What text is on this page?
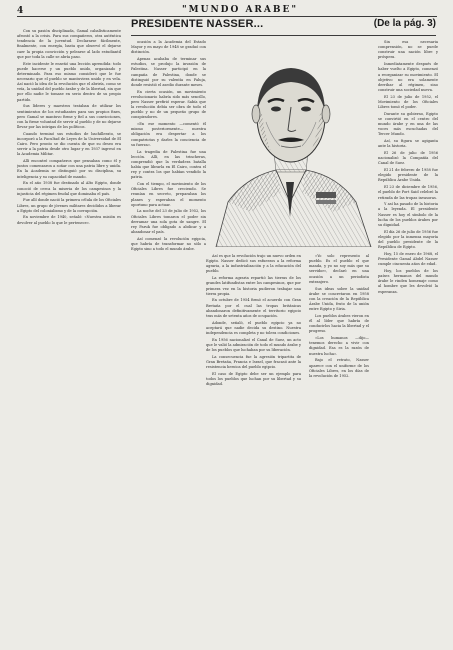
4	"MUNDO ARABE"
PRESIDENTE NASSER...	(De la pág. 3)

Con su pasión disciplinada, Gamal cabalísticamente afrontó a la crisis. Para sus compañeros, otra auténtica tendencia de la juventud. Declararse fácilmente, finalmente, con energía, basta que observó el dejarse caer la propia convicción y pelearse al lado estudiantil que por toda la calle se abría paso.

Este incidente le enseñó una lección aprendida: todo puede hacerse y un pueblo unido, organizado y determinado. Para eso mismo consideró que le fue necesario que el pueblo se mantuviera unido y en vela. Así nació la idea de la revolución que el abriría, como se veía, la unidad del pueblo árabe y de la libertad, sin que por ello nadie le tomase en serio dentro de su propio partido.

Sus líderes y maestros trataban de utilizar los sentimientos de los estudiantes para sus propios fines, pero Gamal se mantuvo firme y fiel a sus convicciones, con la firme voluntad de servir al pueblo y de no dejarse llevar por las intrigas de los políticos.

Cuando terminó sus estudios de bachillerato, se incorporó a la Facultad de Leyes de la Universidad de El Cairo. Pero pronto se dio cuenta de que su deseo era servir a la patria desde otro lugar y en 1937 ingresó en la Academia Militar.

Allí encontró compañeros que pensaban como él y juntos comenzaron a soñar con una patria libre y unida. En la Academia se distinguió por su disciplina, su inteligencia y su capacidad de mando.

En el año 1938 fue destinado al Alto Egipto, donde conoció de cerca la miseria de los campesinos y la injusticia del régimen feudal que dominaba el país.

Fue allí donde nació la primera célula de los Oficiales Libres, un grupo de jóvenes militares decididos a liberar a Egipto del colonialismo y de la corrupción.

En noviembre de 1940, señaló: «Nuestra misión es devolver al pueblo lo que le pertenece».

ocasión a la Academia del Estado Mayor y en mayo de 1948 se graduó con distinción.

Apenas acababa de terminar sus estudios, se produjo la invasión de Palestina. Nasser participó en la campaña de Palestina, donde se distinguió por su valentía en Faluja, donde resistió el asedio durante meses.

En cierta ocasión, un movimiento revolucionario habría sido más sencillo, pero Nasser prefirió esperar. Sabía que la revolución debía ser obra de todo el pueblo y no de un pequeño grupo de conspiradores.

«En ese momento —comentó él mismo posteriormente— nuestra obligación era despertar a los compatriotas y darles la conciencia de su fuerza».

La tragedia de Palestina fue una lección. Allí, en las trincheras, comprendió que la verdadera batalla había que librarla en El Cairo, contra el rey y contra los que habían vendido la patria.

Con el tiempo, el movimiento de los Oficiales Libres fue creciendo. Se reunían en secreto, preparaban los planes y esperaban el momento oportuno para actuar.

La noche del 23 de julio de 1952, los Oficiales Libres tomaron el poder sin derramar una sola gota de sangre. El rey Faruk fue obligado a abdicar y a abandonar el país.

Así comenzó la revolución egipcia, que habría de transformar no sólo a Egipto sino a todo el mundo árabe.

Así es que la revolución trajo un nuevo orden en Egipto. Nasser dedicó sus esfuerzos a la reforma agraria, a la industrialización y a la educación del pueblo.

La reforma agraria repartió las tierras de los grandes latifundistas entre los campesinos, que por primera vez en la historia pudieron trabajar una tierra propia.

En octubre de 1954 firmó el acuerdo con Gran Bretaña por el cual las tropas británicas abandonaron definitivamente el territorio egipcio tras más de setenta años de ocupación.

Adonde, señaló, el pueblo egipcio ya no aceptará que nadie decida su destino. Nuestra independencia es completa y no tolera condiciones.

En 1956 nacionalizó el Canal de Suez, un acto que le valió la admiración de todo el mundo árabe y de los pueblos que luchaban por su liberación.

La consecuencia fue la agresión tripartita de Gran Bretaña, Francia e Israel, que fracasó ante la resistencia heroica del pueblo egipcio.

El caso de Egipto debe ser un ejemplo para todos los pueblos que luchan por su libertad y su dignidad.

«Yo solo represento al pueblo. Es el pueblo el que manda, y yo no soy más que su servidor», declaró en una ocasión a un periodista extranjero.

Sus ideas sobre la unidad árabe se concretaron en 1958 con la creación de la República Árabe Unida, fruto de la unión entre Egipto y Siria.

Los pueblos árabes vieron en él al líder que habría de conducirlos hacia la libertad y el progreso.

«Los humanos —dijo— tenemos derecho a vivir con dignidad. Esa es la razón de nuestra lucha».

Bajo el retrato, Nasser aparece con el uniforme de los Oficiales Libres, en los días de la revolución de 1952.

Sin esa necesaria comprensión, no se puede construir una nación libre y próspera.

Inmediatamente después de haber vuelto a Egipto, comenzó a reorganizar su movimiento. El objetivo no era solamente derribar al régimen, sino construir una sociedad nueva.

El 23 de julio de 1952, el Movimiento de los Oficiales Libres tomó el poder.

Durante su gobierno, Egipto se convirtió en el centro del mundo árabe y en una de las voces más escuchadas del Tercer Mundo.

Así, su figura se agiganta ante la historia.

El 26 de julio de 1956 nacionalizó la Compañía del Canal de Suez.

El 21 de febrero de 1958 fue elegido presidente de la República Árabe Unida.

El 23 de diciembre de 1956, el pueblo de Port Said celebró la retirada de las tropas invasoras.

Y así ha pasado de la historia a la leyenda. El presidente Nasser es hoy el símbolo de la lucha de los pueblos árabes por su dignidad.

El día 26 de julio de 1956 fue elegido por la inmensa mayoría del pueblo presidente de la República de Egipto.

Hoy, 15 de enero de 1968, el Presidente Gamal Abdel Nasser cumple cincuenta años de edad.

Hoy, los pueblos de los países hermanos del mundo árabe le rinden homenaje como al hombre que les devolvió la esperanza.
